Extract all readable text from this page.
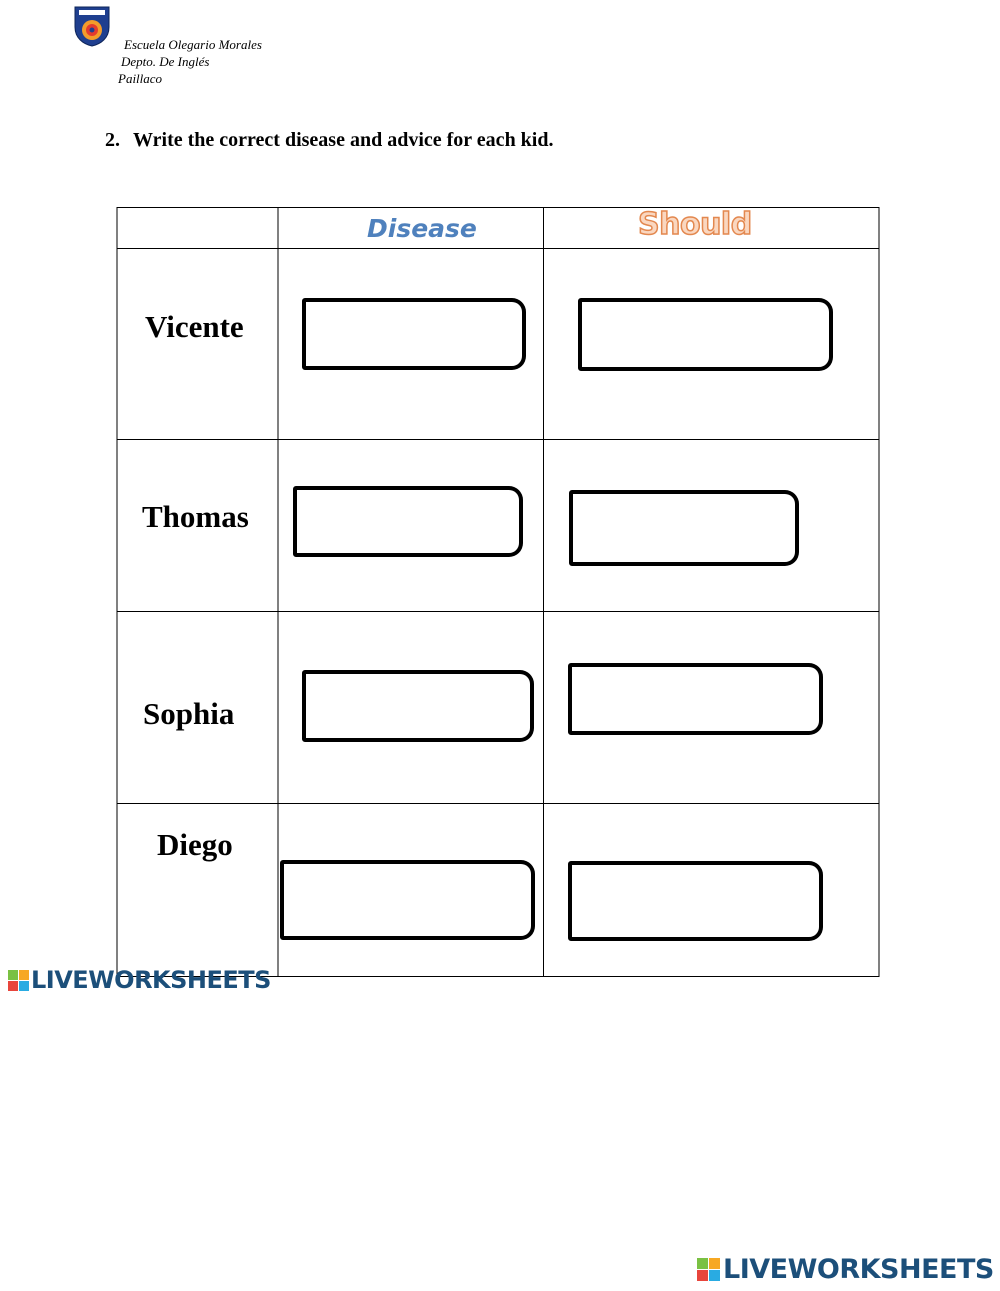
Escuela Olegario Morales
Depto. De Inglés
Paillaco
2. Write the correct disease and advice for each kid.
Disease	Should
Vicente
Thomas
Sophia
Diego
LIVEWORKSHEETS
LIVEWORKSHEETS
